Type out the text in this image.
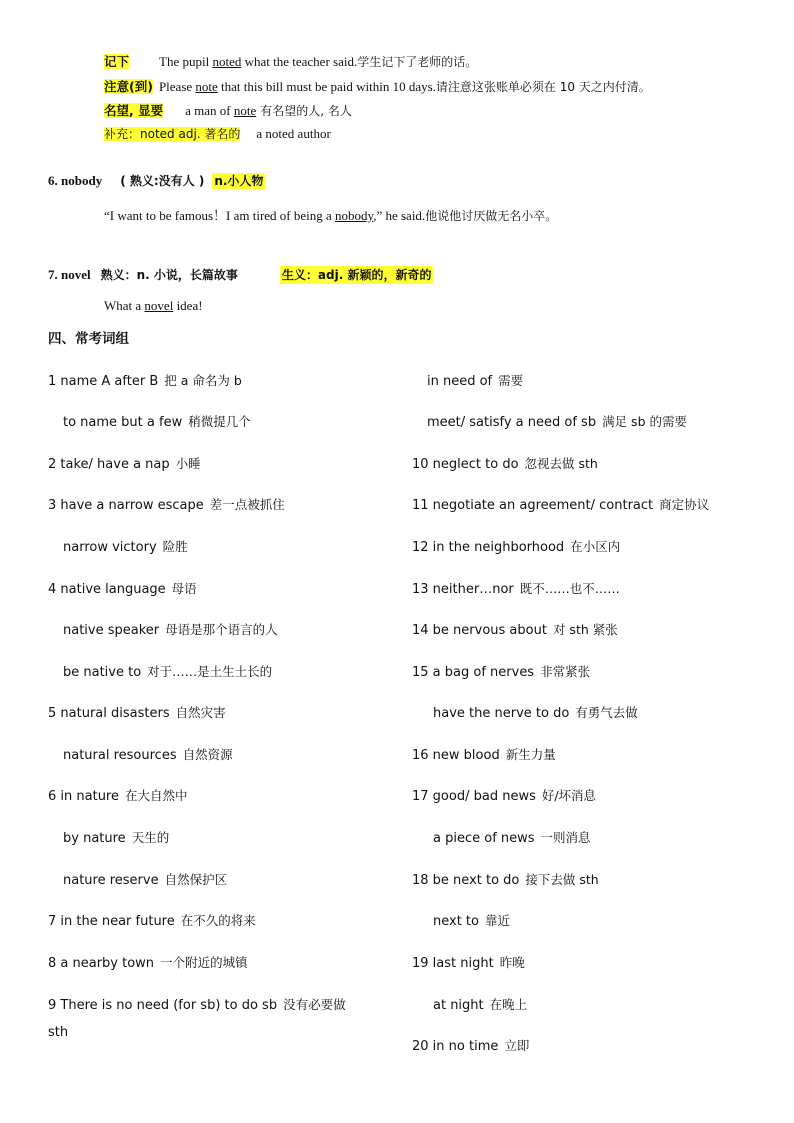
记下 The pupil noted what the teacher said.学生记下了老师的话。
注意(到) Please note that this bill must be paid within 10 days.请注意这张账单必须在 10 天之内付清。
名望, 显要 a man of note 有名望的人, 名人
补充：noted adj. 著名的 a noted author
6. nobody ( 熟义:没有人 ) n.小人物
“I want to be famous！I am tired of being a nobody,” he said.他说他讨厌做无名小卒。
7. novel 熟义：n. 小说，长篇故事	生义：adj. 新颖的，新奇的
What a novel idea!
四、常考词组
1 name A after B 把 a 命名为 b
to name but a few 稍微提几个
2 take/ have a nap 小睡
3 have a narrow escape 差一点被抓住
narrow victory 险胜
4 native language 母语
native speaker 母语是那个语言的人
be native to 对于……是土生土长的
5 natural disasters 自然灾害
natural resources 自然资源
6 in nature 在大自然中
by nature 天生的
nature reserve 自然保护区
7 in the near future 在不久的将来
8 a nearby town 一个附近的城镇
9 There is no need (for sb) to do sb 没有必要做
sth
in need of 需要
meet/ satisfy a need of sb 满足 sb 的需要
10 neglect to do 忽视去做 sth
11 negotiate an agreement/ contract 商定协议
12 in the neighborhood 在小区内
13 neither…nor 既不……也不……
14 be nervous about 对 sth 紧张
15 a bag of nerves 非常紧张
have the nerve to do 有勇气去做
16 new blood 新生力量
17 good/ bad news 好/坏消息
a piece of news 一则消息
18 be next to do 接下去做 sth
next to 靠近
19 last night 昨晚
at night 在晚上
20 in no time 立即
